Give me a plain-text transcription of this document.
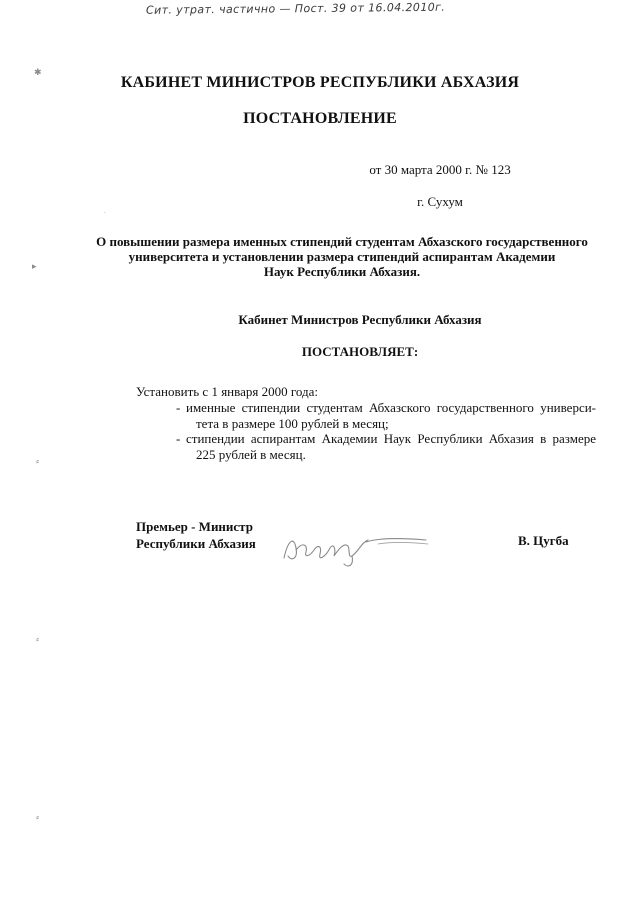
Сит. утрат. частично — Пост. 39 от 16.04.2010г.
КАБИНЕТ МИНИСТРОВ РЕСПУБЛИКИ АБХАЗИЯ
ПОСТАНОВЛЕНИЕ
от 30 марта 2000 г. № 123
г. Сухум
О повышении размера именных стипендий студентам Абхазского государственного
университета и установлении размера стипендий аспирантам Академии
Наук Республики Абхазия.
Кабинет Министров Республики Абхазия
ПОСТАНОВЛЯЕТ:
Установить с 1 января 2000 года:
- именные стипендии студентам Абхазского государственного универси-
тета в размере 100 рублей в месяц;
- стипендии аспирантам Академии Наук Республики Абхазия в размере
225 рублей в месяц.
Премьер - Министр
Республики Абхазия	В. Цугба
✱
▸
⸗
⸗
⸗
·
